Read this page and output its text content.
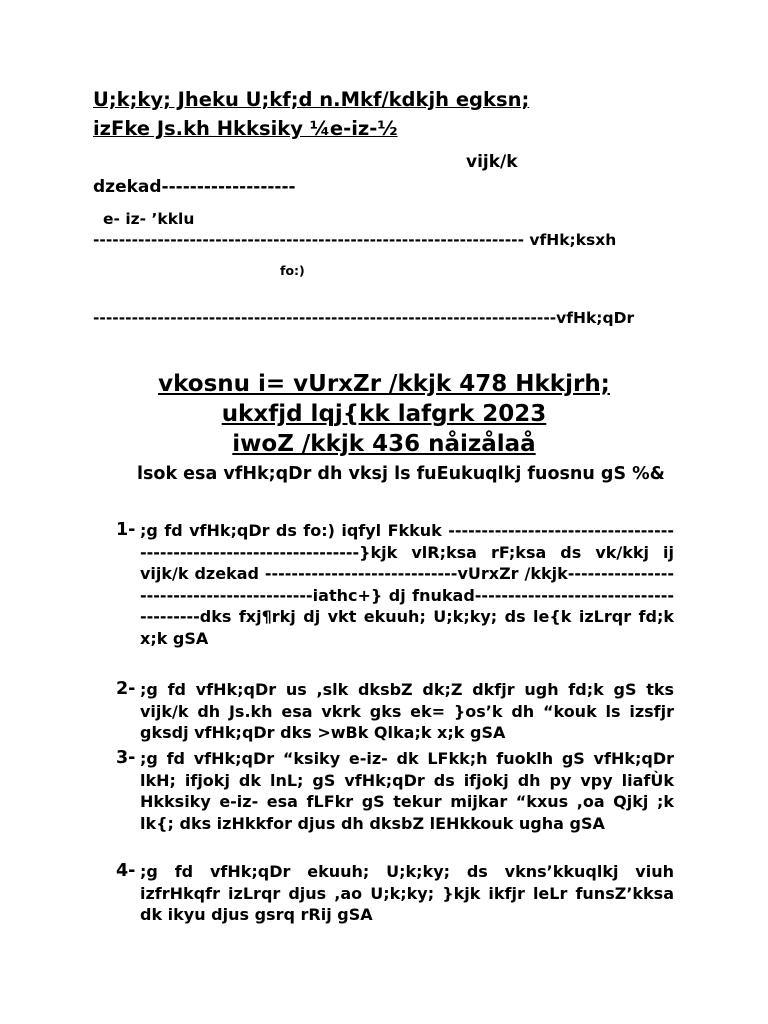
U;k;ky; Jheku U;kf;d n.Mkf/kdkjh egksn;
izFke Js.kh Hkksiky ¼e-iz-½
vijk/k
dzekad-------------------
e- iz- ’kklu
------------------------------------------------------------------- vfHk;ksxh
fo:)
------------------------------------------------------------------------vfHk;qDr
vkosnu i= vUrxZr /kkjk 478 Hkkjrh;
ukxfjd lqj{kk lafgrk 2023
iwoZ /kkjk 436 nåizålaå
lsok esa vfHk;qDr dh vksj ls fuEukuqlkj fuosnu gS %&
1- ;g fd vfHk;qDr ds fo:) iqfyl Fkkuk -------------------------------------------------------------------}kjk vlR;ksa rF;ksa ds vk/kkj ij vijk/k dzekad -----------------------------vUrxZr /kkjk------------------------------------------iathc+} dj fnukad---------------------------------------dks fxj¶rkj dj vkt ekuuh; U;k;ky; ds le{k izLrqr fd;k x;k gSA
2- ;g fd vfHk;qDr us ,slk dksbZ dk;Z dkfjr ugh fd;k gS tks vijk/k dh Js.kh esa vkrk gks ek= }os’k dh “kouk ls izsfjr gksdj vfHk;qDr dks >wBk Qlka;k x;k gSA
3- ;g fd vfHk;qDr “ksiky e-iz- dk LFkk;h fuoklh gS vfHk;qDr lkH; ifjokj dk lnL; gS vfHk;qDr ds ifjokj dh py vpy liafÙk Hkksiky e-iz- esa fLFkr gS tekur mijkar “kxus ,oa Qjkj ;k lk{; dks izHkkfor djus dh dksbZ lEHkkouk ugha gSA
4- ;g fd vfHk;qDr ekuuh; U;k;ky; ds vkns’kkuqlkj viuh izfrHkqfr izLrqr djus ,ao U;k;ky; }kjk ikfjr leLr funsZ’kksa dk ikyu djus gsrq rRij gSA
